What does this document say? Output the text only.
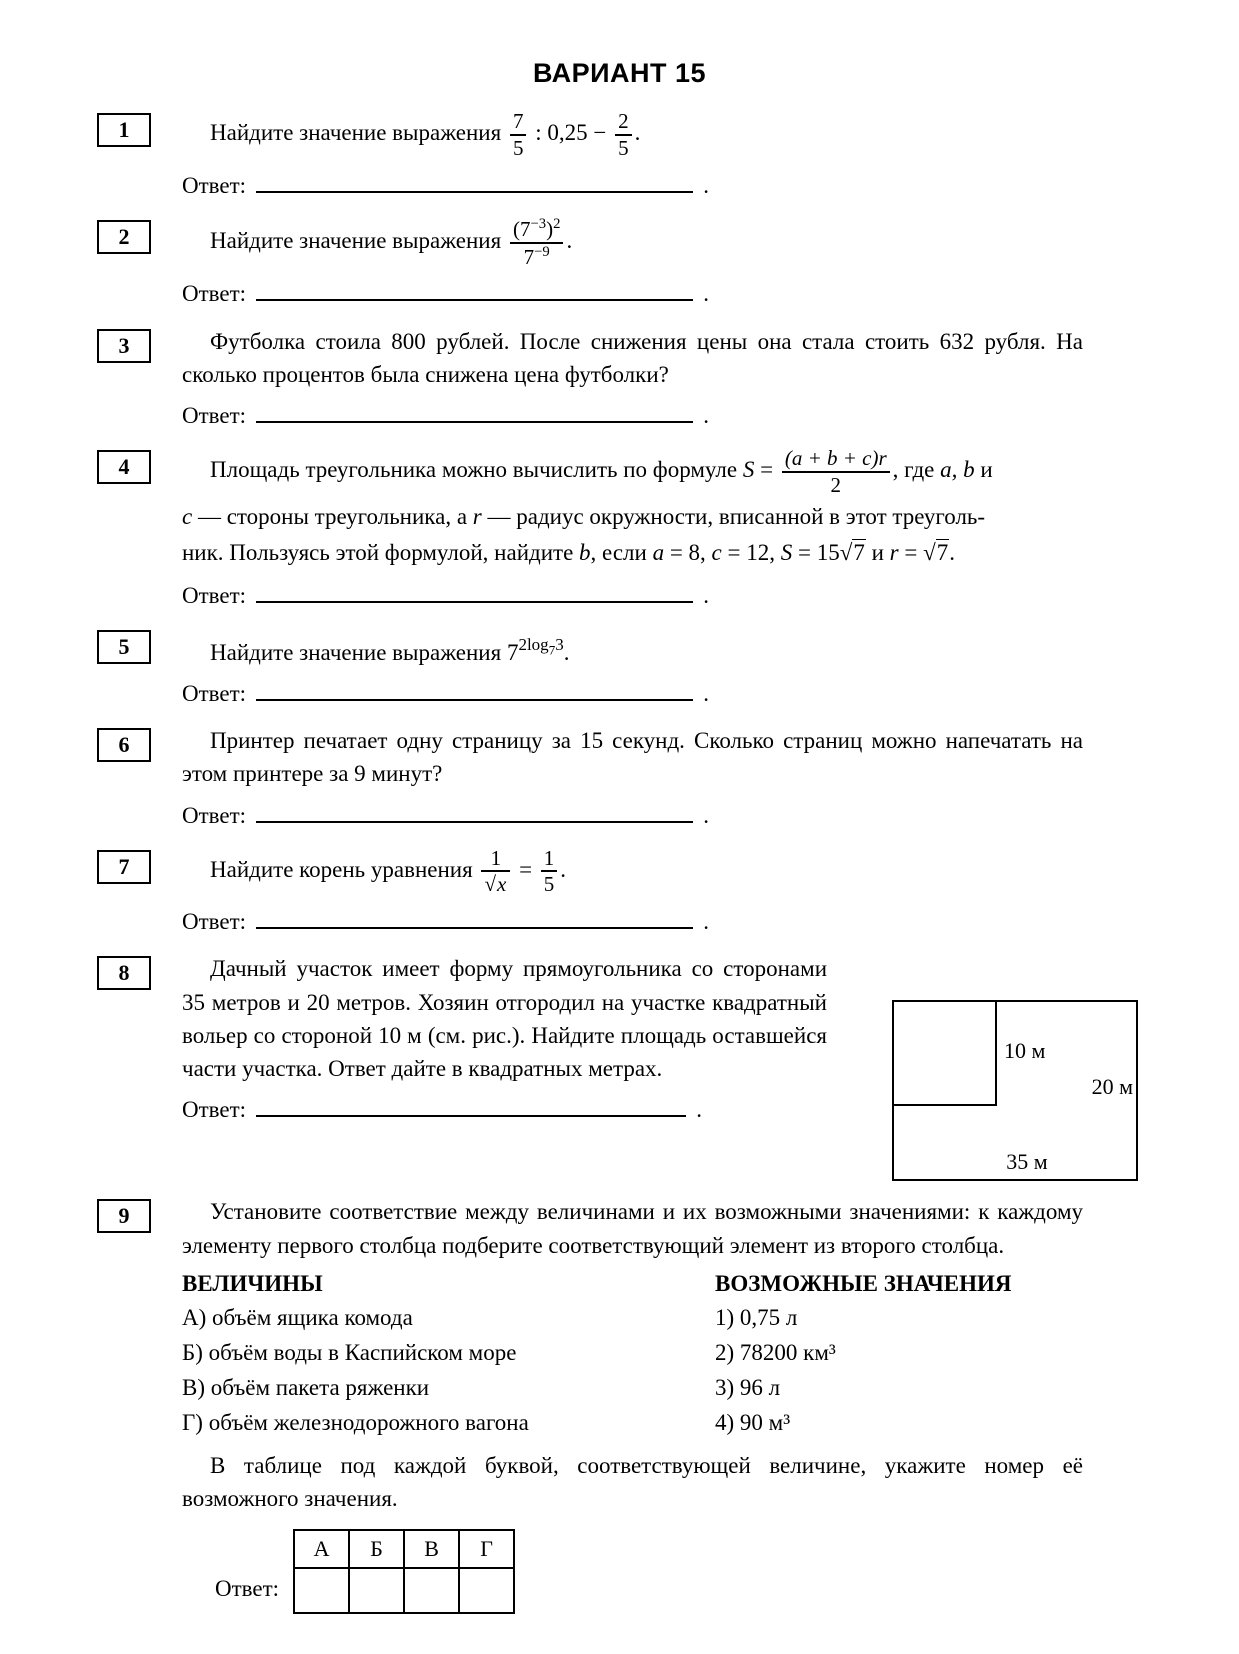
ВАРИАНТ 15
1	Найдите значение выражения $\frac{7}{5}$ : $0,25 - \frac{2}{5}$ .
Ответ:	.
2	Найдите значение выражения $\frac{(7^{-3})^2}{7^{-9}}$ .
Ответ:	.
3	Футболка стоила 800 рублей. После снижения цены она стала стоить 632 рубля. На сколько процентов была снижена цена футболки?

Ответ:	.
4	Площадь треугольника можно вычислить по формуле $S = \frac{(a + b + c)r}{2}$ , где a, b и
c — стороны треугольника, а r — радиус окружности, вписанной в этот треуголь-
ник. Пользуясь этой формулой, найдите b, если a = 8, c = 12, S = 15 √ 7 и r = √ 7.
Ответ:	.
5	Найдите значение выражения $7^{2log_73}$.
Ответ:	.
6	Принтер печатает одну страницу за 15 секунд. Сколько страниц можно напечатать на этом принтере за 9 минут?

Ответ:	.
7	Найдите корень уравнения 1
√ $x = \frac{1}{5}$ .
Ответ:	.
8	Дачный участок имеет форму прямоугольника со сторонами 35 метров и 20 метров. Хозяин отгородил на участке квадратный вольер со стороной 10 м (см. рис.). Найдите площадь оставшейся части участка. Ответ дайте в квадратных метрах.

Ответ:	.
10 м
20 м
35 м
9	Установите соответствие между величинами и их возможными значениями: к каждому элементу первого столбца подберите соответствующий элемент из второго столбца.

ВЕЛИЧИНЫ	ВОЗМОЖНЫЕ ЗНАЧЕНИЯ
А) объём ящика комода	1) 0,75 л
Б) объём воды в Каспийском море	2) 78200 км³
В) объём пакета ряженки	3) 96 л
Г) объём железнодорожного вагона	4) 90 м³

В таблице под каждой буквой, соответствующей величине, укажите номер её возможного значения.

Ответ:
А	Б	В	Г
